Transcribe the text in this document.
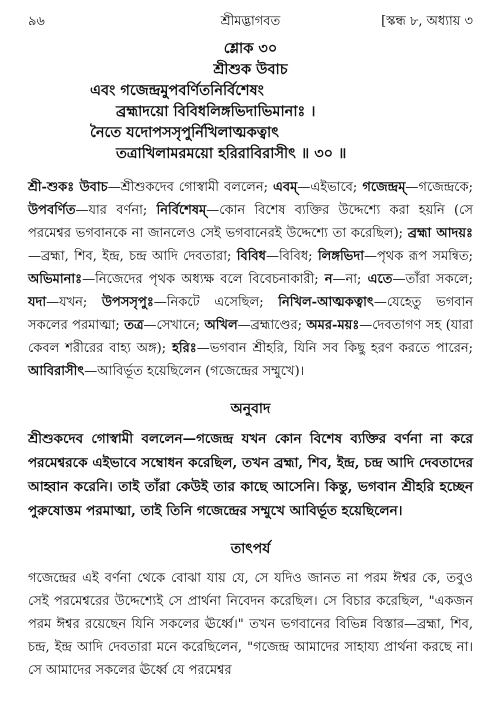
৯৬	শ্রীমদ্ভাগবত	[স্কন্ধ ৮, অধ্যায় ৩
শ্লোক ৩০
শ্রীশুক উবাচ
এবং গজেন্দ্রমুপবর্ণিতনির্বিশেষং
ব্রহ্মাদয়ো বিবিধলিঙ্গভিদাভিমানাঃ ।
নৈতে যদোপসসৃপুর্নিখিলাত্মকত্বাৎ
তত্রাখিলামরময়ো হরিরাবিরাসীৎ ॥ ৩০ ॥
শ্রী-শুকঃ উবাচ—শ্রীশুকদেব গোস্বামী বললেন; এবম্—এইভাবে; গজেন্দ্রম্—গজেন্দ্রকে; উপবর্ণিত—যার বর্ণনা; নির্বিশেষম্—কোন বিশেষ ব্যক্তির উদ্দেশ্যে করা হয়নি (সে পরমেশ্বর ভগবানকে না জানলেও সেই ভগবানেরই উদ্দেশ্যে তা করেছিল); ব্রহ্মা আদয়ঃ—ব্রহ্মা, শিব, ইন্দ্র, চন্দ্র আদি দেবতারা; বিবিধ—বিবিধ; লিঙ্গভিদা—পৃথক রূপ সমন্বিত; অভিমানাঃ—নিজেদের পৃথক অধ্যক্ষ বলে বিবেচনাকারী; ন—না; এতে—তাঁরা সকলে; যদা—যখন; উপসসৃপুঃ—নিকটে এসেছিল; নিখিল-আত্মকত্বাৎ—যেহেতু ভগবান সকলের পরমাত্মা; তত্র—সেখানে; অখিল—ব্রহ্মাণ্ডের; অমর-ময়ঃ—দেবতাগণ সহ (যারা কেবল শরীরের বাহ্য অঙ্গ); হরিঃ—ভগবান শ্রীহরি, যিনি সব কিছু হরণ করতে পারেন; আবিরাসীৎ—আবির্ভূত হয়েছিলেন (গজেন্দ্রের সম্মুখে)।
অনুবাদ
শ্রীশুকদেব গোস্বামী বললেন—গজেন্দ্র যখন কোন বিশেষ ব্যক্তির বর্ণনা না করে পরমেশ্বরকে এইভাবে সম্বোধন করেছিল, তখন ব্রহ্মা, শিব, ইন্দ্র, চন্দ্র আদি দেবতাদের আহ্বান করেনি। তাই তাঁরা কেউই তার কাছে আসেনি। কিন্তু, ভগবান শ্রীহরি হচ্ছেন পুরুষোত্তম পরমাত্মা, তাই তিনি গজেন্দ্রের সম্মুখে আবির্ভূত হয়েছিলেন।
তাৎপর্য
গজেন্দ্রের এই বর্ণনা থেকে বোঝা যায় যে, সে যদিও জানত না পরম ঈশ্বর কে, তবুও সেই পরমেশ্বরের উদ্দেশ্যেই সে প্রার্থনা নিবেদন করেছিল। সে বিচার করেছিল, "একজন পরম ঈশ্বর রয়েছেন যিনি সকলের ঊর্ধ্বে।" তখন ভগবানের বিভিন্ন বিস্তার—ব্রহ্মা, শিব, চন্দ্র, ইন্দ্র আদি দেবতারা মনে করেছিলেন, "গজেন্দ্র আমাদের সাহায্য প্রার্থনা করছে না। সে আমাদের সকলের ঊর্ধ্বে যে পরমেশ্বর
